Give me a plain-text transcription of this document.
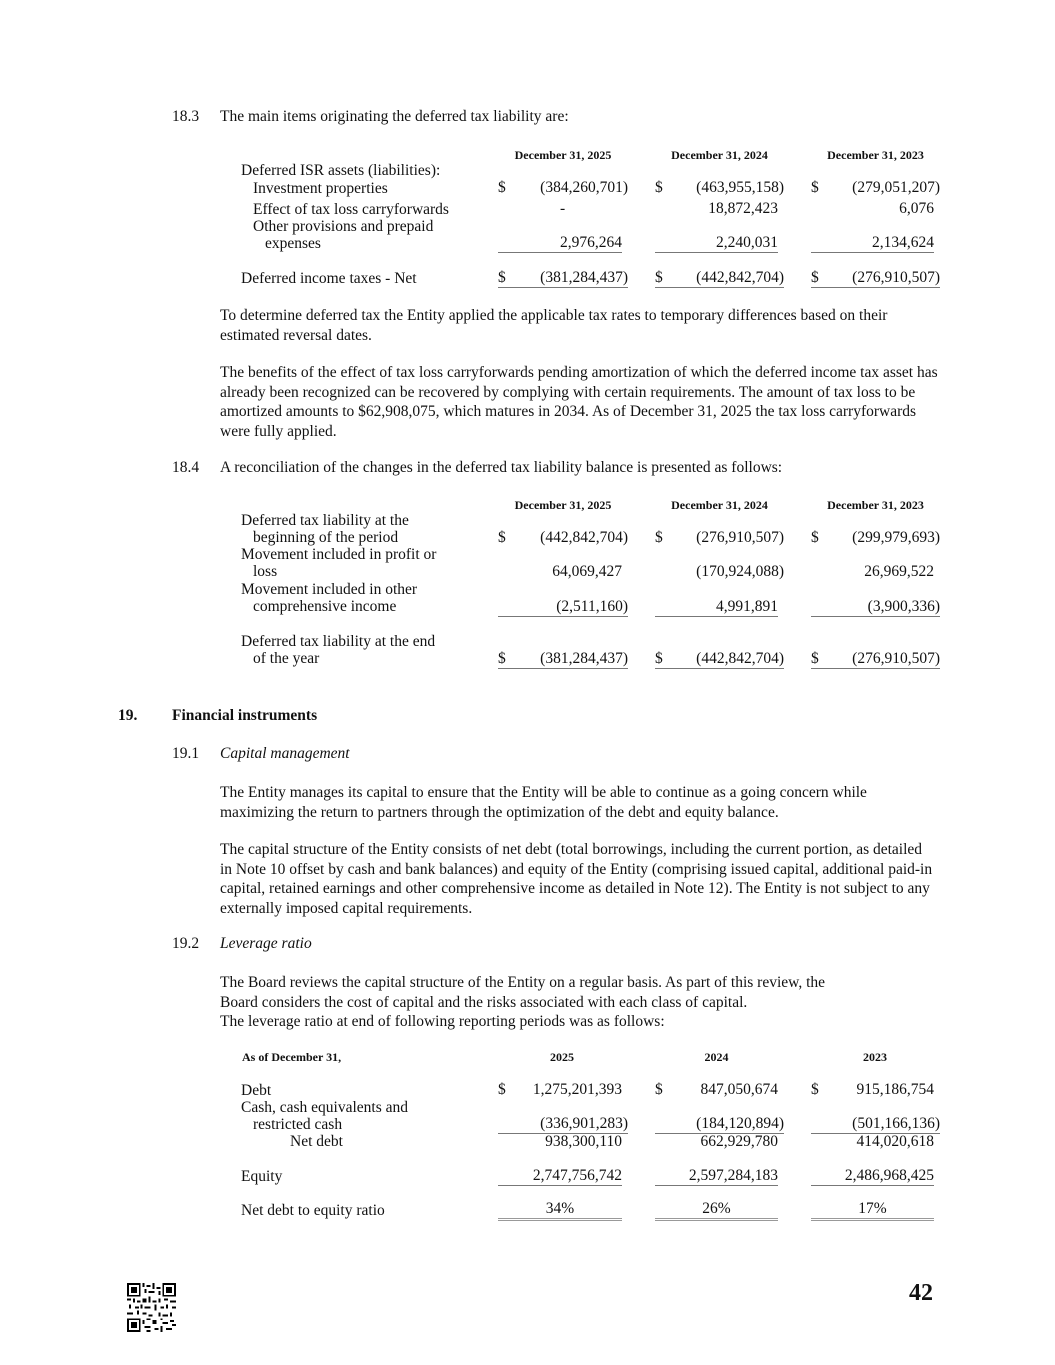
18.3 The main items originating the deferred tax liability are:
December 31, 2025	December 31, 2024	December 31, 2023
Deferred ISR assets (liabilities):
Investment properties	$ (384,260,701) $ (463,955,158) $ (279,051,207)
Effect of tax loss carryforwards	-	18,872,423	6,076
Other provisions and prepaid
expenses	2,976,264	2,240,031	2,134,624
Deferred income taxes - Net	$ (381,284,437) $ (442,842,704) $ (276,910,507)

To determine deferred tax the Entity applied the applicable tax rates to temporary differences based on their estimated reversal dates.

The benefits of the effect of tax loss carryforwards pending amortization of which the deferred income tax asset has already been recognized can be recovered by complying with certain requirements. The amount of tax loss to be amortized amounts to $62,908,075, which matures in 2034. As of December 31, 2025 the tax loss carryforwards were fully applied.

18.4 A reconciliation of the changes in the deferred tax liability balance is presented as follows:
December 31, 2025	December 31, 2024	December 31, 2023
Deferred tax liability at the
beginning of the period	$ (442,842,704) $ (276,910,507) $ (299,979,693)
Movement included in profit or
loss	64,069,427	(170,924,088)	26,969,522
Movement included in other
comprehensive income	(2,511,160)	4,991,891	(3,900,336)
Deferred tax liability at the end
of the year	$ (381,284,437) $ (442,842,704) $ (276,910,507)
19. Financial instruments
19.1 Capital management

The Entity manages its capital to ensure that the Entity will be able to continue as a going concern while maximizing the return to partners through the optimization of the debt and equity balance.

The capital structure of the Entity consists of net debt (total borrowings, including the current portion, as detailed in Note 10 offset by cash and bank balances) and equity of the Entity (comprising issued capital, additional paid-in capital, retained earnings and other comprehensive income as detailed in Note 12). The Entity is not subject to any externally imposed capital requirements.

19.2 Leverage ratio
The Board reviews the capital structure of the Entity on a regular basis. As part of this review, the
Board considers the cost of capital and the risks associated with each class of capital.
The leverage ratio at end of following reporting periods was as follows:
As of December 31,	2025	2024	2023
Debt	$ 1,275,201,393 $ 847,050,674 $ 915,186,754
Cash, cash equivalents and
restricted cash	(336,901,283)	(184,120,894)	(501,166,136)
Net debt	938,300,110	662,929,780	414,020,618
Equity	2,747,756,742	2,597,284,183	2,486,968,425
Net debt to equity ratio	34%	26%	17%
42
